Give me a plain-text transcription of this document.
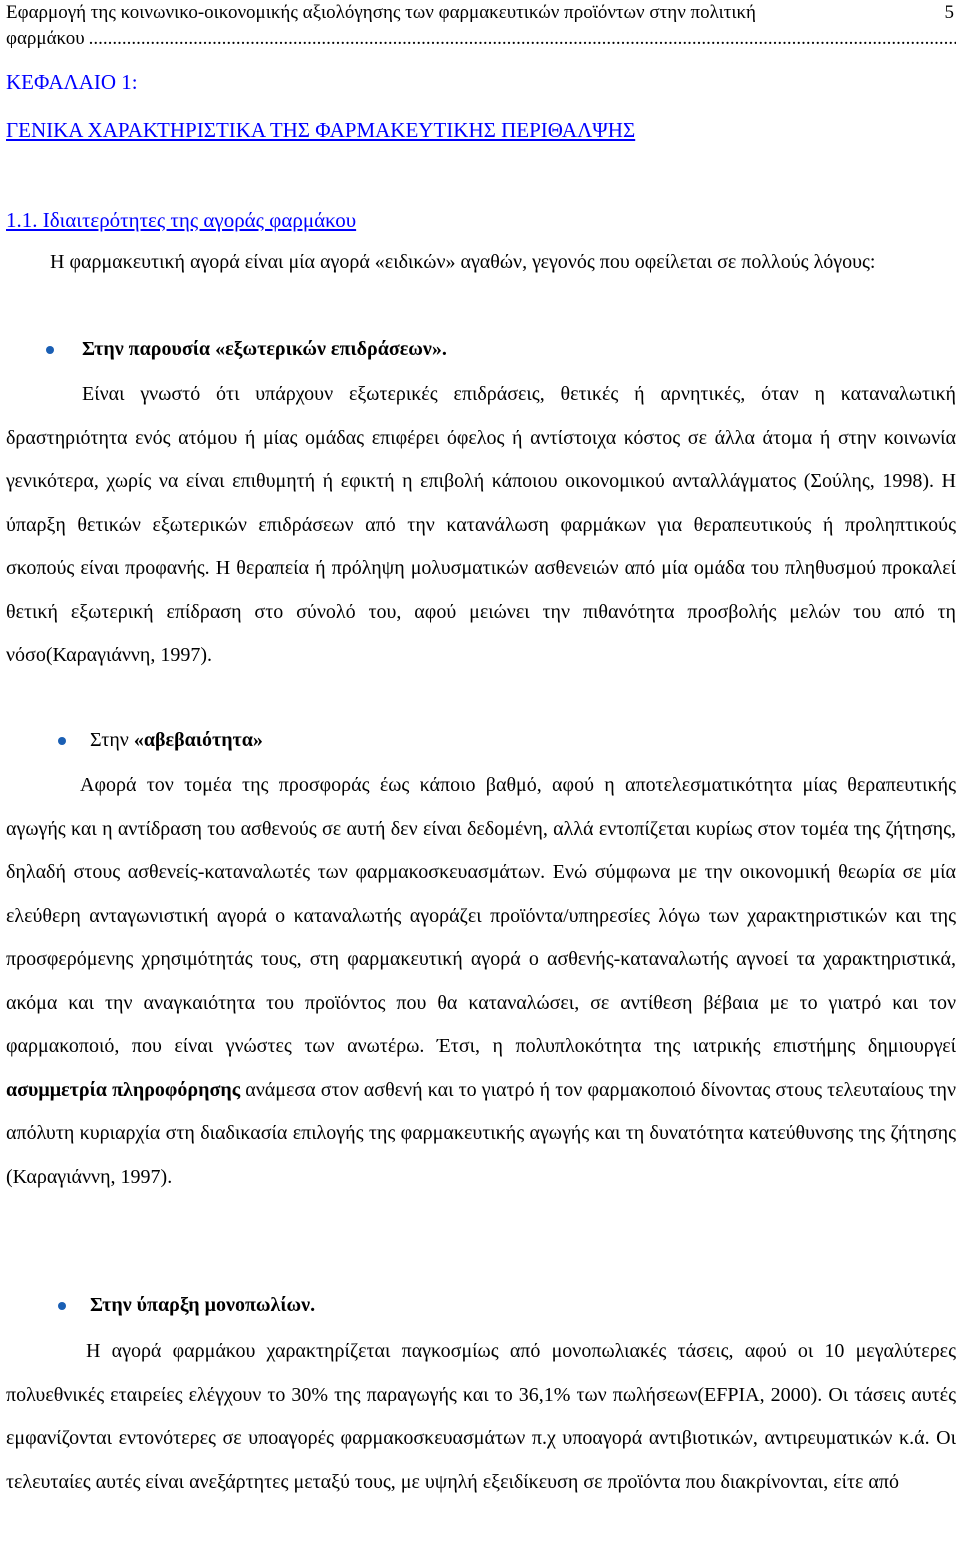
Εφαρμογή της κοινωνικο-οικονομικής αξιολόγησης των φαρμακευτικών προϊόντων στην πολιτική	5
φαρμάκου
.....
ΚΕΦΑΛΑΙΟ 1:
ΓΕΝΙΚΑ ΧΑΡΑΚΤΗΡΙΣΤΙΚΑ ΤΗΣ ΦΑΡΜΑΚΕΥΤΙΚΗΣ ΠΕΡΙΘΑΛΨΗΣ
1.1. Ιδιαιτερότητες της αγοράς φαρμάκου

Η φαρμακευτική αγορά είναι μία αγορά «ειδικών» αγαθών, γεγονός που οφείλεται σε πολλούς λόγους:

Στην παρουσία «εξωτερικών επιδράσεων».

Είναι γνωστό ότι υπάρχουν εξωτερικές επιδράσεις, θετικές ή αρνητικές, όταν η καταναλωτική δραστηριότητα ενός ατόμου ή μίας ομάδας επιφέρει όφελος ή αντίστοιχα κόστος σε άλλα άτομα ή στην κοινωνία γενικότερα, χωρίς να είναι επιθυμητή ή εφικτή η επιβολή κάποιου οικονομικού ανταλλάγματος (Σούλης, 1998). Η ύπαρξη θετικών εξωτερικών επιδράσεων από την κατανάλωση φαρμάκων για θεραπευτικούς ή προληπτικούς σκοπούς είναι προφανής. Η θεραπεία ή πρόληψη μολυσματικών ασθενειών από μία ομάδα του πληθυσμού προκαλεί θετική εξωτερική επίδραση στο σύνολό του, αφού μειώνει την πιθανότητα προσβολής μελών του από τη νόσο(Καραγιάννη, 1997).

Στην «αβεβαιότητα»

Αφορά τον τομέα της προσφοράς έως κάποιο βαθμό, αφού η αποτελεσματικότητα μίας θεραπευτικής αγωγής και η αντίδραση του ασθενούς σε αυτή δεν είναι δεδομένη, αλλά εντοπίζεται κυρίως στον τομέα της ζήτησης, δηλαδή στους ασθενείς-καταναλωτές των φαρμακοσκευασμάτων. Ενώ σύμφωνα με την οικονομική θεωρία σε μία ελεύθερη ανταγωνιστική αγορά ο καταναλωτής αγοράζει προϊόντα/υπηρεσίες λόγω των χαρακτηριστικών και της προσφερόμενης χρησιμότητάς τους, στη φαρμακευτική αγορά ο ασθενής-καταναλωτής αγνοεί τα χαρακτηριστικά, ακόμα και την αναγκαιότητα του προϊόντος που θα καταναλώσει, σε αντίθεση βέβαια με το γιατρό και τον φαρμακοποιό, που είναι γνώστες των ανωτέρω. Έτσι, η πολυπλοκότητα της ιατρικής επιστήμης δημιουργεί ασυμμετρία πληροφόρησης ανάμεσα στον ασθενή και το γιατρό ή τον φαρμακοποιό δίνοντας στους τελευταίους την απόλυτη κυριαρχία στη διαδικασία επιλογής της φαρμακευτικής αγωγής και τη δυνατότητα κατεύθυνσης της ζήτησης (Καραγιάννη, 1997).

Στην ύπαρξη μονοπωλίων.

Η αγορά φαρμάκου χαρακτηρίζεται παγκοσμίως από μονοπωλιακές τάσεις, αφού οι 10 μεγαλύτερες πολυεθνικές εταιρείες ελέγχουν το 30% της παραγωγής και το 36,1% των πωλήσεων(EFPIA, 2000). Οι τάσεις αυτές εμφανίζονται εντονότερες σε υποαγορές φαρμακοσκευασμάτων π.χ υποαγορά αντιβιοτικών, αντιρευματικών κ.ά. Οι τελευταίες αυτές είναι ανεξάρτητες μεταξύ τους, με υψηλή εξειδίκευση σε προϊόντα που διακρίνονται, είτε από
